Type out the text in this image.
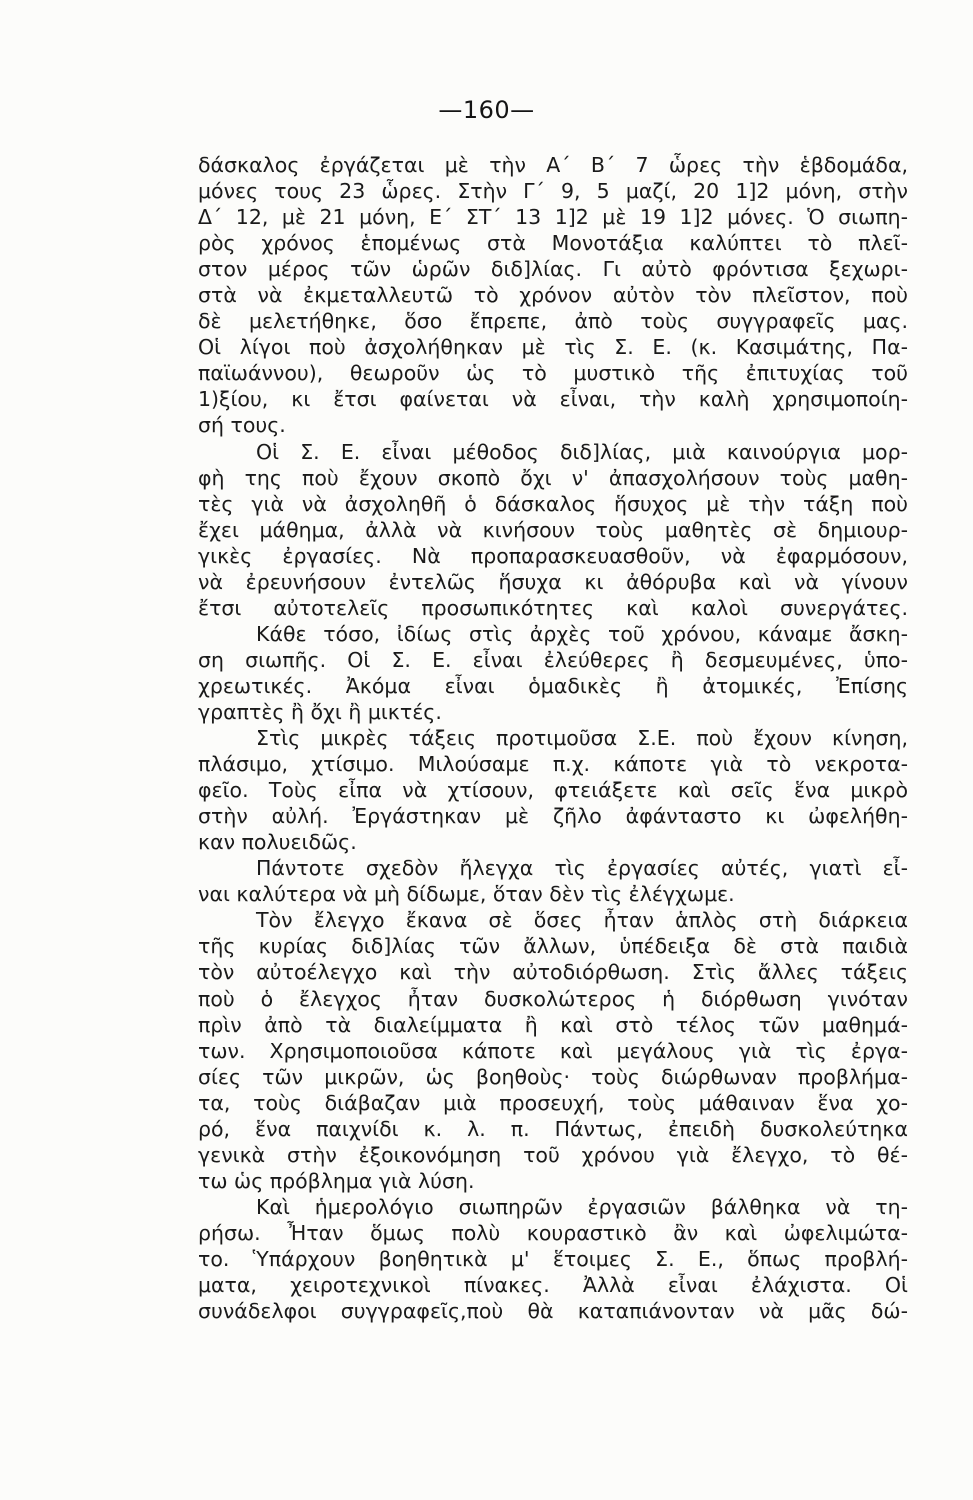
—160—
δάσκαλος ἐργάζεται μὲ τὴν Α΄ Β΄ 7 ὧρες τὴν ἑβδομάδα,
μόνες τους 23 ὧρες. Στὴν Γ΄ 9, 5 μαζί, 20 1]2 μόνη, στὴν
Δ΄ 12, μὲ 21 μόνη, Ε΄ ΣΤ΄ 13 1]2 μὲ 19 1]2 μόνες. Ὁ σιωπη-
ρὸς χρόνος ἑπομένως στὰ Μονοτάξια καλύπτει τὸ πλεῖ-
στον μέρος τῶν ὡρῶν διδ]λίας. Γι αὐτὸ φρόντισα ξεχωρι-
στὰ νὰ ἐκμεταλλευτῶ τὸ χρόνον αὐτὸν τὸν πλεῖστον, ποὺ
δὲ μελετήθηκε, ὅσο ἔπρεπε, ἀπὸ τοὺς συγγραφεῖς μας.
Οἱ λίγοι ποὺ ἀσχολήθηκαν μὲ τὶς Σ. Ε. (κ. Κασιμάτης, Πα-
παϊωάννου), θεωροῦν ὡς τὸ μυστικὸ τῆς ἐπιτυχίας τοῦ
1)ξίου, κι ἔτσι φαίνεται νὰ εἶναι, τὴν καλὴ χρησιμοποίη-
σή τους.
Οἱ Σ. Ε. εἶναι μέθοδος διδ]λίας, μιὰ καινούργια μορ-
φὴ της ποὺ ἔχουν σκοπὸ ὄχι ν' ἀπασχολήσουν τοὺς μαθη-
τὲς γιὰ νὰ ἀσχοληθῆ ὁ δάσκαλος ἥσυχος μὲ τὴν τάξη ποὺ
ἔχει μάθημα, ἀλλὰ νὰ κινήσουν τοὺς μαθητὲς σὲ δημιουρ-
γικὲς ἐργασίες. Νὰ προπαρασκευασθοῦν, νὰ ἐφαρμόσουν,
νὰ ἐρευνήσουν ἐντελῶς ἥσυχα κι ἀθόρυβα καὶ νὰ γίνουν
ἔτσι αὐτοτελεῖς προσωπικότητες καὶ καλοὶ συνεργάτες.
Κάθε τόσο, ἰδίως στὶς ἀρχὲς τοῦ χρόνου, κάναμε ἄσκη-
ση σιωπῆς. Οἱ Σ. Ε. εἶναι ἐλεύθερες ἢ δεσμευμένες, ὑπο-
χρεωτικές. Ἀκόμα εἶναι ὁμαδικὲς ἢ ἀτομικές, Ἐπίσης
γραπτὲς ἢ ὄχι ἢ μικτές.
Στὶς μικρὲς τάξεις προτιμοῦσα Σ.Ε. ποὺ ἔχουν κίνηση,
πλάσιμο, χτίσιμο. Μιλούσαμε π.χ. κάποτε γιὰ τὸ νεκροτα-
φεῖο. Τοὺς εἶπα νὰ χτίσουν, φτειάξετε καὶ σεῖς ἕνα μικρὸ
στὴν αὐλή. Ἐργάστηκαν μὲ ζῆλο ἀφάνταστο κι ὠφελήθη-
καν πολυειδῶς.
Πάντοτε σχεδὸν ἤλεγχα τὶς ἐργασίες αὐτές, γιατὶ εἶ-
ναι καλύτερα νὰ μὴ δίδωμε, ὅταν δὲν τὶς ἐλέγχωμε.
Τὸν ἔλεγχο ἔκανα σὲ ὅσες ἦταν ἁπλὸς στὴ διάρκεια
τῆς κυρίας διδ]λίας τῶν ἄλλων, ὑπέδειξα δὲ στὰ παιδιὰ
τὸν αὐτοέλεγχο καὶ τὴν αὐτοδιόρθωση. Στὶς ἄλλες τάξεις
ποὺ ὁ ἔλεγχος ἦταν δυσκολώτερος ἡ διόρθωση γινόταν
πρὶν ἀπὸ τὰ διαλείμματα ἢ καὶ στὸ τέλος τῶν μαθημά-
των. Χρησιμοποιοῦσα κάποτε καὶ μεγάλους γιὰ τὶς ἐργα-
σίες τῶν μικρῶν, ὡς βοηθοὺς· τοὺς διώρθωναν προβλήμα-
τα, τοὺς διάβαζαν μιὰ προσευχή, τοὺς μάθαιναν ἕνα χο-
ρό, ἕνα παιχνίδι κ. λ. π. Πάντως, ἐπειδὴ δυσκολεύτηκα
γενικὰ στὴν ἐξοικονόμηση τοῦ χρόνου γιὰ ἔλεγχο, τὸ θέ-
τω ὡς πρόβλημα γιὰ λύση.
Καὶ ἡμερολόγιο σιωπηρῶν ἐργασιῶν βάλθηκα νὰ τη-
ρήσω. Ἦταν ὅμως πολὺ κουραστικὸ ἂν καὶ ὠφελιμώτα-
το. Ὑπάρχουν βοηθητικὰ μ' ἕτοιμες Σ. Ε., ὅπως προβλή-
ματα, χειροτεχνικοὶ πίνακες. Ἀλλὰ εἶναι ἐλάχιστα. Οἱ
συνάδελφοι συγγραφεῖς,ποὺ θὰ καταπιάνονταν νὰ μᾶς δώ-
